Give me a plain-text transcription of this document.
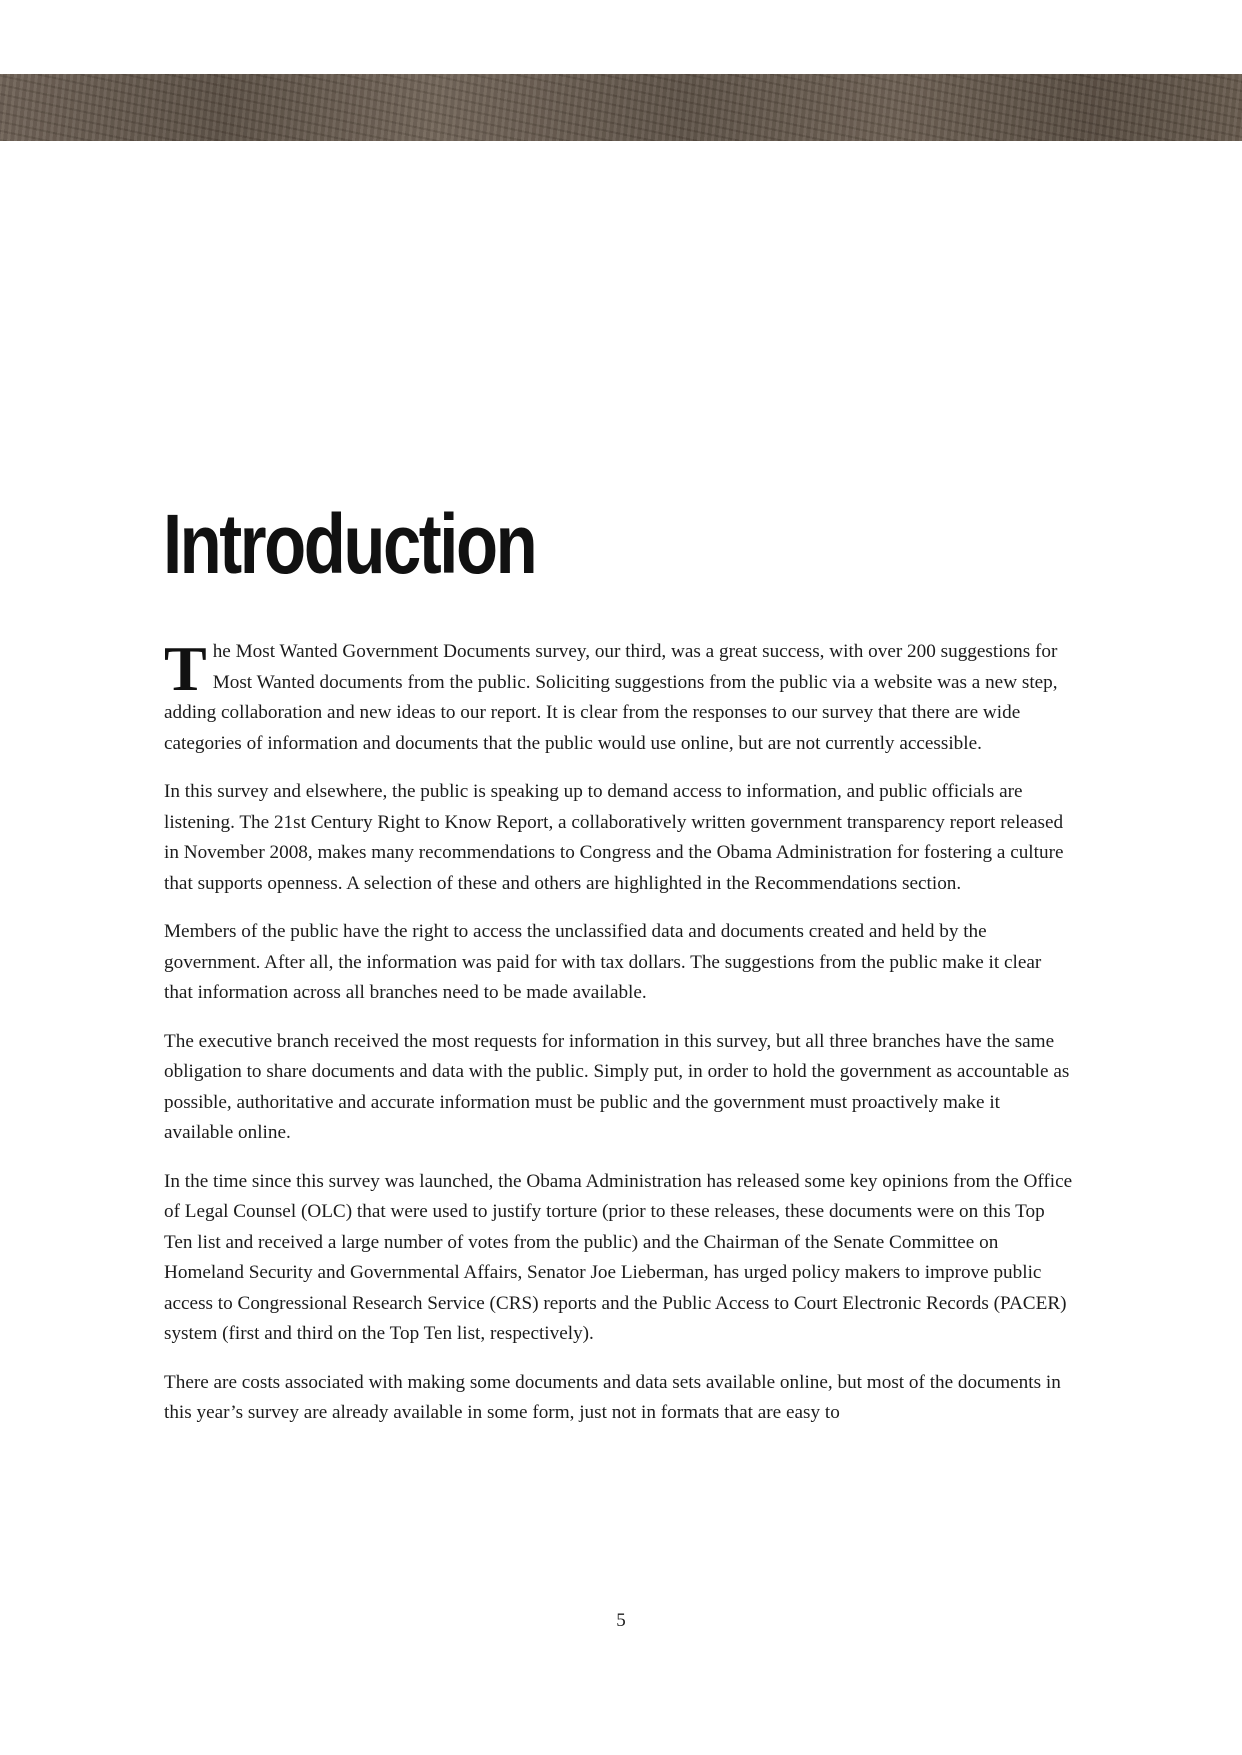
Introduction

The Most Wanted Government Documents survey, our third, was a great success, with over 200 suggestions for Most Wanted documents from the public. Soliciting suggestions from the public via a website was a new step, adding collaboration and new ideas to our report. It is clear from the responses to our survey that there are wide categories of information and documents that the public would use online, but are not currently accessible.

In this survey and elsewhere, the public is speaking up to demand access to information, and public officials are listening. The 21st Century Right to Know Report, a collaboratively written government transparency report released in November 2008, makes many recommendations to Congress and the Obama Administration for fostering a culture that supports openness. A selection of these and others are highlighted in the Recommendations section.

Members of the public have the right to access the unclassified data and documents created and held by the government. After all, the information was paid for with tax dollars. The suggestions from the public make it clear that information across all branches need to be made available.

The executive branch received the most requests for information in this survey, but all three branches have the same obligation to share documents and data with the public. Simply put, in order to hold the government as accountable as possible, authoritative and accurate information must be public and the government must proactively make it available online.

In the time since this survey was launched, the Obama Administration has released some key opinions from the Office of Legal Counsel (OLC) that were used to justify torture (prior to these releases, these documents were on this Top Ten list and received a large number of votes from the public) and the Chairman of the Senate Committee on Homeland Security and Governmental Affairs, Senator Joe Lieberman, has urged policy makers to improve public access to Congressional Research Service (CRS) reports and the Public Access to Court Electronic Records (PACER) system (first and third on the Top Ten list, respectively).

There are costs associated with making some documents and data sets available online, but most of the documents in this year’s survey are already available in some form, just not in formats that are easy to

5
